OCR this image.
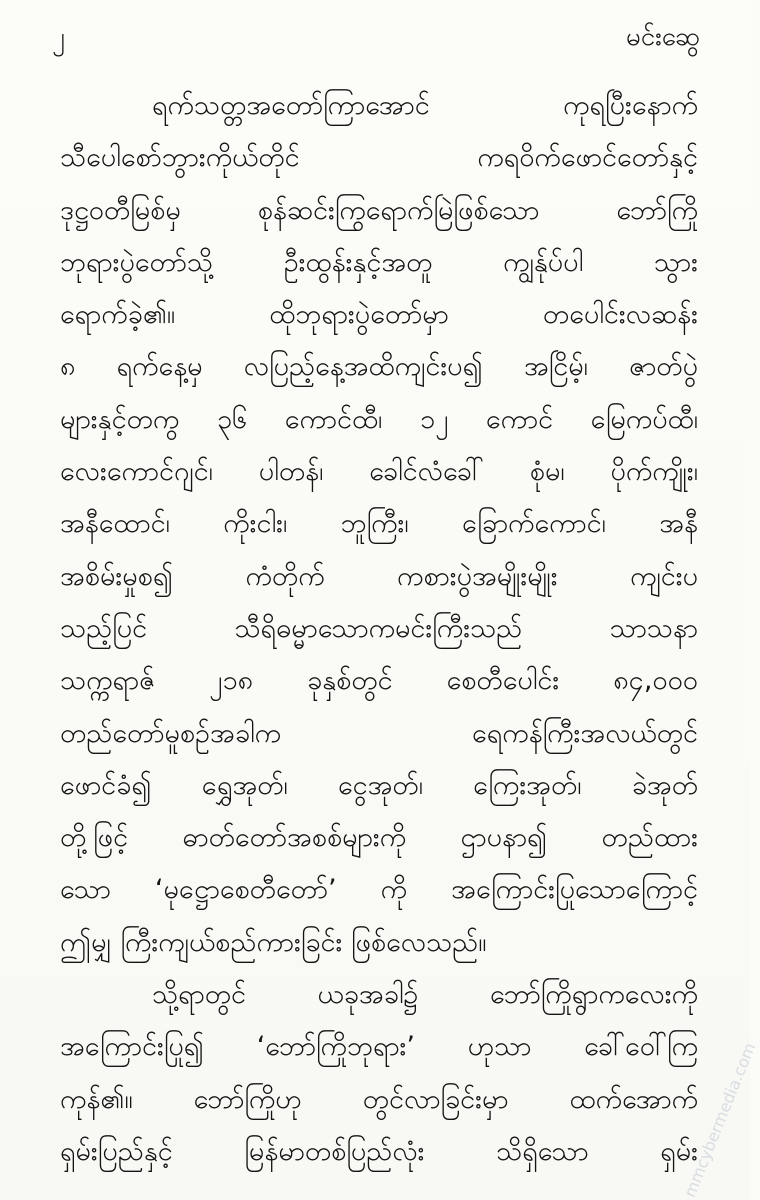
၂	မင်းဆွေ
ရက်သတ္တအတော်ကြာအောင် ကုရပြီးနောက်
သီပေါစော်ဘွားကိုယ်တိုင် ကရဝိက်ဖောင်တော်နှင့်
ဒုဋ္ဌဝတီမြစ်မှ စုန်ဆင်းကြွရောက်မြဲဖြစ်သော ဘော်ကြို
ဘုရားပွဲတော်သို့ ဦးထွန်းနှင့်အတူ ကျွန်ုပ်ပါ သွား
ရောက်ခဲ့၏။ ထိုဘုရားပွဲတော်မှာ တပေါင်းလဆန်း
၈ ရက်နေ့မှ လပြည့်နေ့အထိကျင်းပ၍ အငြိမ့်၊ ဇာတ်ပွဲ
များနှင့်တကွ ၃၆ ကောင်ထီ၊ ၁၂ ကောင် မြေကပ်ထီ၊
လေးကောင်ဂျင်၊ ပါတန်၊ ခေါင်လံခေါ် စုံမ၊ ပိုက်ကျိုး၊
အနီထောင်၊ ကိုးငါး၊ ဘူကြီး၊ ခြောက်ကောင်၊ အနီ
အစိမ်းမှုစ၍ ကံတိုက် ကစားပွဲအမျိုးမျိုး ကျင်းပ
သည့်ပြင် သီရိဓမ္မာသောကမင်းကြီးသည် သာသနာ
သက္ကရာဇ် ၂၁၈ ခုနှစ်တွင် စေတီပေါင်း ၈၄,၀၀၀
တည်တော်မူစဉ်အခါက ရေကန်ကြီးအလယ်တွင်
ဖောင်ခံ၍ ရွှေအုတ်၊ ငွေအုတ်၊ ကြေးအုတ်၊ ခဲအုတ်
တို့ဖြင့် ဓာတ်တော်အစစ်များကို ဌာပနာ၍ တည်ထား
သော ‘မုဋ္ဌောစေတီတော်’ ကို အကြောင်းပြုသောကြောင့်
ဤမျှ ကြီးကျယ်စည်ကားခြင်း ဖြစ်လေသည်။
သို့ရာတွင် ယခုအခါ၌ ဘော်ကြိုရွာကလေးကို
အကြောင်းပြု၍ ‘ဘော်ကြိုဘုရား’ ဟုသာ ခေါ်ဝေါ်ကြ
ကုန်၏။ ဘော်ကြိုဟု တွင်လာခြင်းမှာ ထက်အောက်
ရှမ်းပြည်နှင့် မြန်မာတစ်ပြည်လုံး သိရှိသော ရှမ်း
mmcybermedia.com
